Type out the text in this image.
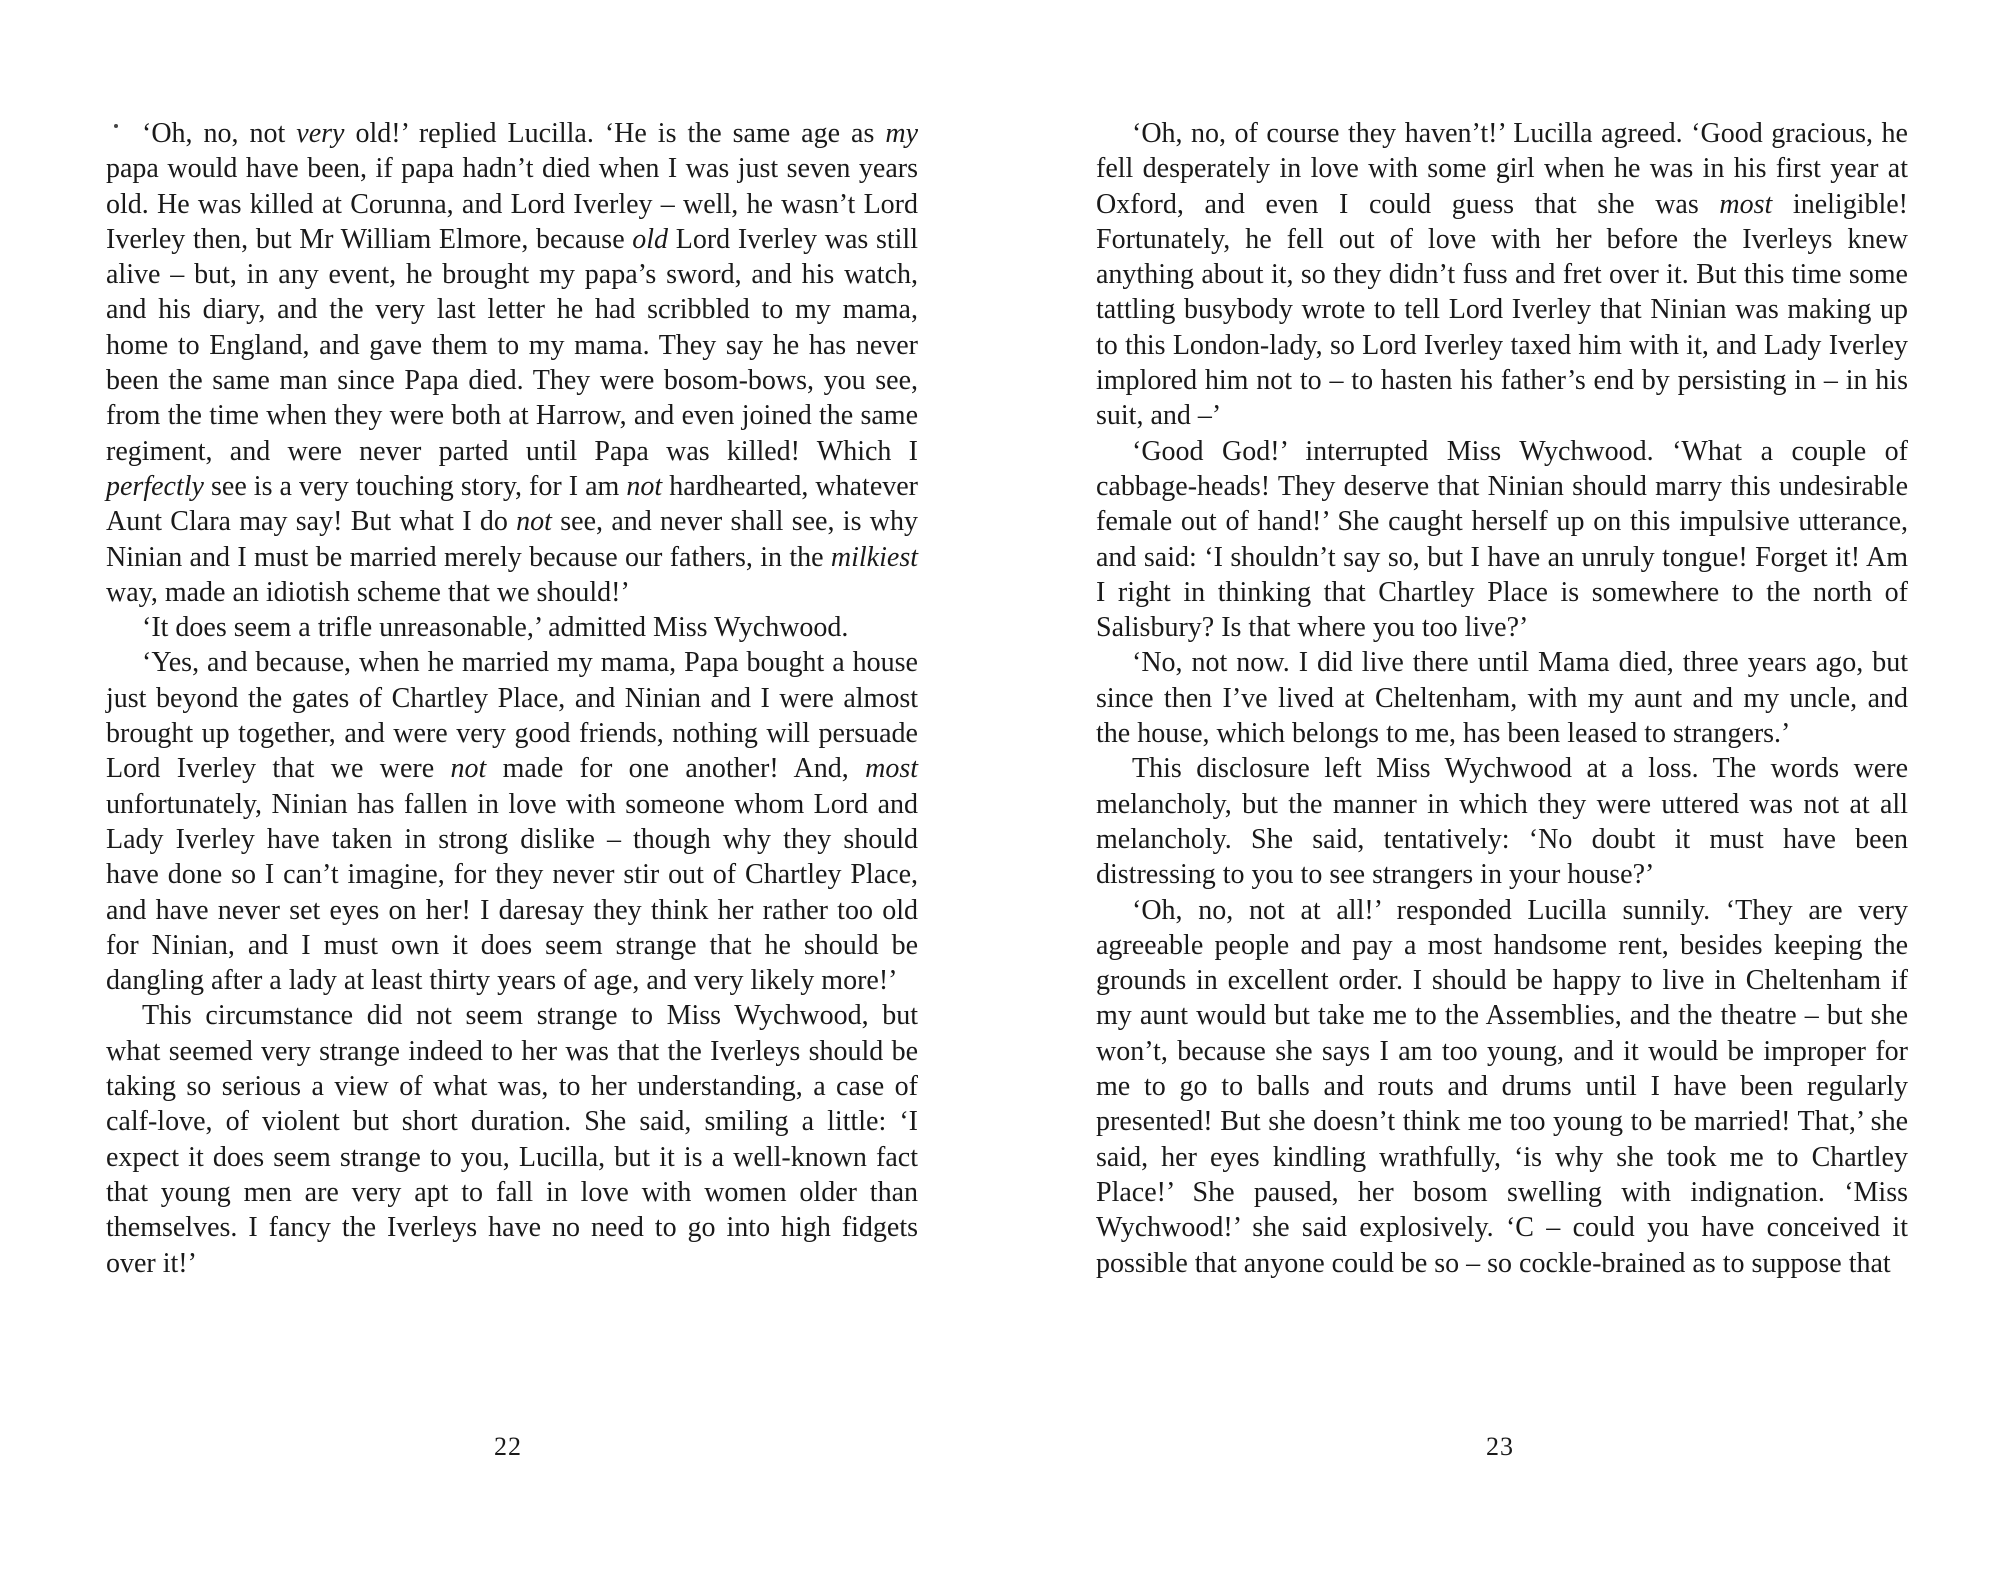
‘Oh, no, not very old!’ replied Lucilla. ‘He is the same age as my papa would have been, if papa hadn’t died when I was just seven years old. He was killed at Corunna, and Lord Iverley – well, he wasn’t Lord Iverley then, but Mr William Elmore, because old Lord Iverley was still alive – but, in any event, he brought my papa’s sword, and his watch, and his diary, and the very last letter he had scribbled to my mama, home to England, and gave them to my mama. They say he has never been the same man since Papa died. They were bosom-bows, you see, from the time when they were both at Harrow, and even joined the same regiment, and were never parted until Papa was killed! Which I perfectly see is a very touching story, for I am not hardhearted, whatever Aunt Clara may say! But what I do not see, and never shall see, is why Ninian and I must be married merely because our fathers, in the milkiest way, made an idiotish scheme that we should!’

‘It does seem a trifle unreasonable,’ admitted Miss Wychwood.

‘Yes, and because, when he married my mama, Papa bought a house just beyond the gates of Chartley Place, and Ninian and I were almost brought up together, and were very good friends, nothing will persuade Lord Iverley that we were not made for one another! And, most unfortunately, Ninian has fallen in love with someone whom Lord and Lady Iverley have taken in strong dislike – though why they should have done so I can’t imagine, for they never stir out of Chartley Place, and have never set eyes on her! I daresay they think her rather too old for Ninian, and I must own it does seem strange that he should be dangling after a lady at least thirty years of age, and very likely more!’

This circumstance did not seem strange to Miss Wychwood, but what seemed very strange indeed to her was that the Iverleys should be taking so serious a view of what was, to her understanding, a case of calf-love, of violent but short duration. She said, smiling a little: ‘I expect it does seem strange to you, Lucilla, but it is a well-known fact that young men are very apt to fall in love with women older than themselves. I fancy the Iverleys have no need to go into high fidgets over it!’

‘Oh, no, of course they haven’t!’ Lucilla agreed. ‘Good gracious, he fell desperately in love with some girl when he was in his first year at Oxford, and even I could guess that she was most ineligible! Fortunately, he fell out of love with her before the Iverleys knew anything about it, so they didn’t fuss and fret over it. But this time some tattling busybody wrote to tell Lord Iverley that Ninian was making up to this London-lady, so Lord Iverley taxed him with it, and Lady Iverley implored him not to – to hasten his father’s end by persisting in – in his suit, and –’

‘Good God!’ interrupted Miss Wychwood. ‘What a couple of cabbage-heads! They deserve that Ninian should marry this undesirable female out of hand!’ She caught herself up on this impulsive utterance, and said: ‘I shouldn’t say so, but I have an unruly tongue! Forget it! Am I right in thinking that Chartley Place is somewhere to the north of Salisbury? Is that where you too live?’

‘No, not now. I did live there until Mama died, three years ago, but since then I’ve lived at Cheltenham, with my aunt and my uncle, and the house, which belongs to me, has been leased to strangers.’

This disclosure left Miss Wychwood at a loss. The words were melancholy, but the manner in which they were uttered was not at all melancholy. She said, tentatively: ‘No doubt it must have been distressing to you to see strangers in your house?’

‘Oh, no, not at all!’ responded Lucilla sunnily. ‘They are very agreeable people and pay a most handsome rent, besides keeping the grounds in excellent order. I should be happy to live in Cheltenham if my aunt would but take me to the Assemblies, and the theatre – but she won’t, because she says I am too young, and it would be improper for me to go to balls and routs and drums until I have been regularly presented! But she doesn’t think me too young to be married! That,’ she said, her eyes kindling wrathfully, ‘is why she took me to Chartley Place!’ She paused, her bosom swelling with indignation. ‘Miss Wychwood!’ she said explosively. ‘C – could you have conceived it possible that anyone could be so – so cockle-brained as to suppose that

22	23
